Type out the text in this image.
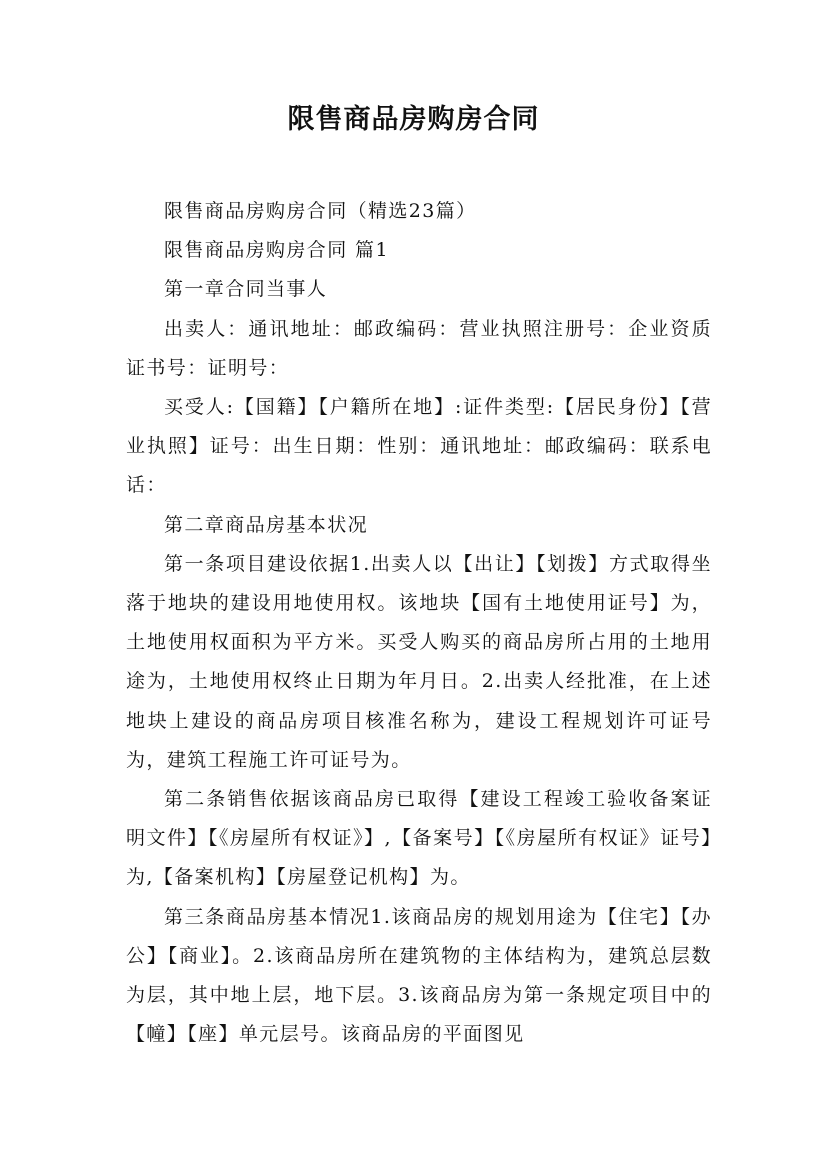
限售商品房购房合同

限售商品房购房合同（精选23篇）

限售商品房购房合同 篇1

第一章合同当事人

出卖人：通讯地址：邮政编码：营业执照注册号：企业资质证书号：证明号：

买受人:【国籍】【户籍所在地】:证件类型:【居民身份】【营业执照】证号：出生日期：性别：通讯地址：邮政编码：联系电话：

第二章商品房基本状况

第一条项目建设依据1.出卖人以【出让】【划拨】方式取得坐落于地块的建设用地使用权。该地块【国有土地使用证号】为，土地使用权面积为平方米。买受人购买的商品房所占用的土地用途为，土地使用权终止日期为年月日。2.出卖人经批准，在上述地块上建设的商品房项目核准名称为，建设工程规划许可证号为，建筑工程施工许可证号为。

第二条销售依据该商品房已取得【建设工程竣工验收备案证明文件】【《房屋所有权证》】,【备案号】【《房屋所有权证》证号】为,【备案机构】【房屋登记机构】为。

第三条商品房基本情况1.该商品房的规划用途为【住宅】【办公】【商业】。2.该商品房所在建筑物的主体结构为，建筑总层数为层，其中地上层，地下层。3.该商品房为第一条规定项目中的【幢】【座】单元层号。该商品房的平面图见
